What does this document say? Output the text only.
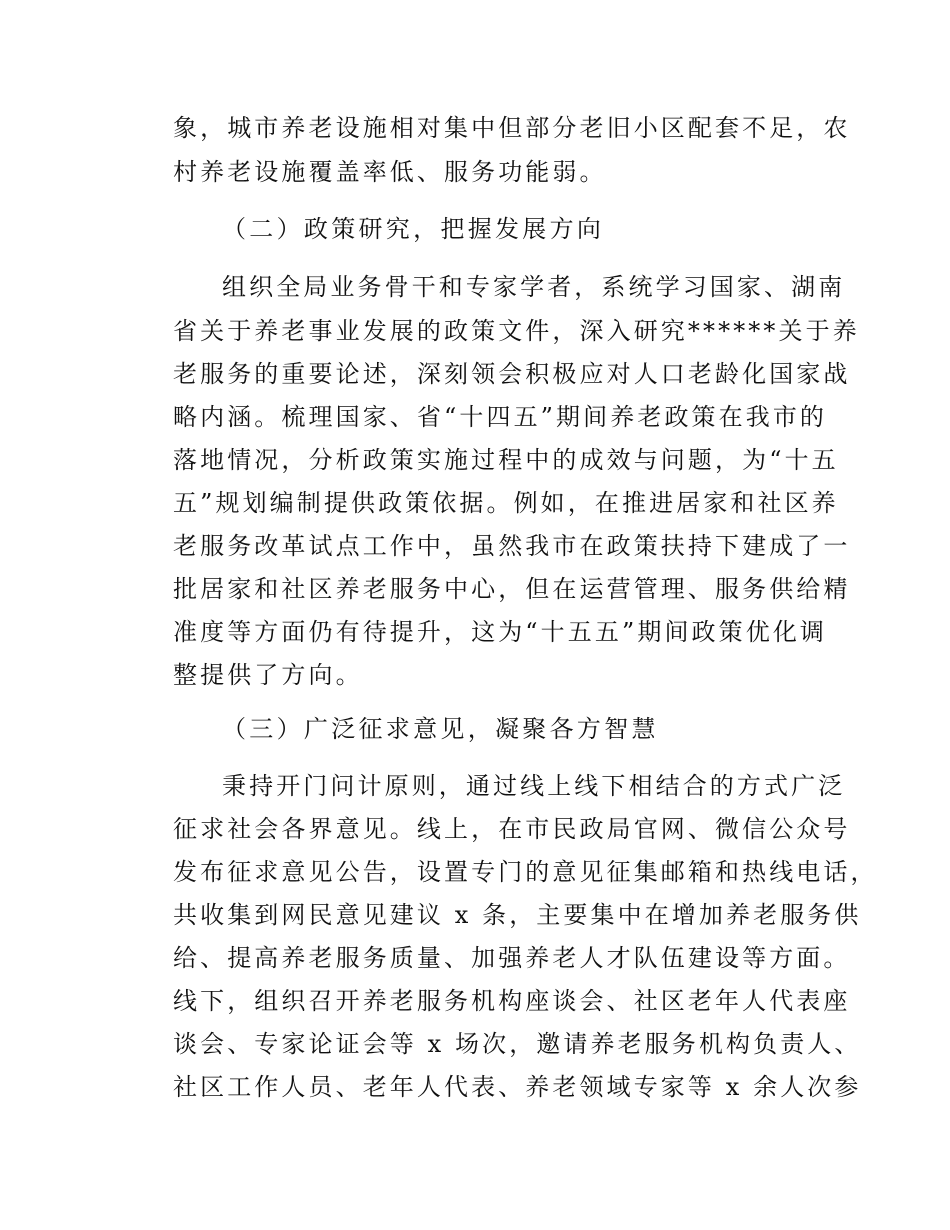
象，城市养老设施相对集中但部分老旧小区配套不足，农
村养老设施覆盖率低、服务功能弱。
（二）政策研究，把握发展方向
组织全局业务骨干和专家学者，系统学习国家、湖南
省关于养老事业发展的政策文件，深入研究******关于养
老服务的重要论述，深刻领会积极应对人口老龄化国家战
略内涵。梳理国家、省“十四五”期间养老政策在我市的
落地情况，分析政策实施过程中的成效与问题，为“十五
五”规划编制提供政策依据。例如，在推进居家和社区养
老服务改革试点工作中，虽然我市在政策扶持下建成了一
批居家和社区养老服务中心，但在运营管理、服务供给精
准度等方面仍有待提升，这为“十五五”期间政策优化调
整提供了方向。
（三）广泛征求意见，凝聚各方智慧
秉持开门问计原则，通过线上线下相结合的方式广泛
征求社会各界意见。线上，在市民政局官网、微信公众号
发布征求意见公告，设置专门的意见征集邮箱和热线电话，
共收集到网民意见建议 x 条，主要集中在增加养老服务供
给、提高养老服务质量、加强养老人才队伍建设等方面。
线下，组织召开养老服务机构座谈会、社区老年人代表座
谈会、专家论证会等 x 场次，邀请养老服务机构负责人、
社区工作人员、老年人代表、养老领域专家等 x 余人次参
